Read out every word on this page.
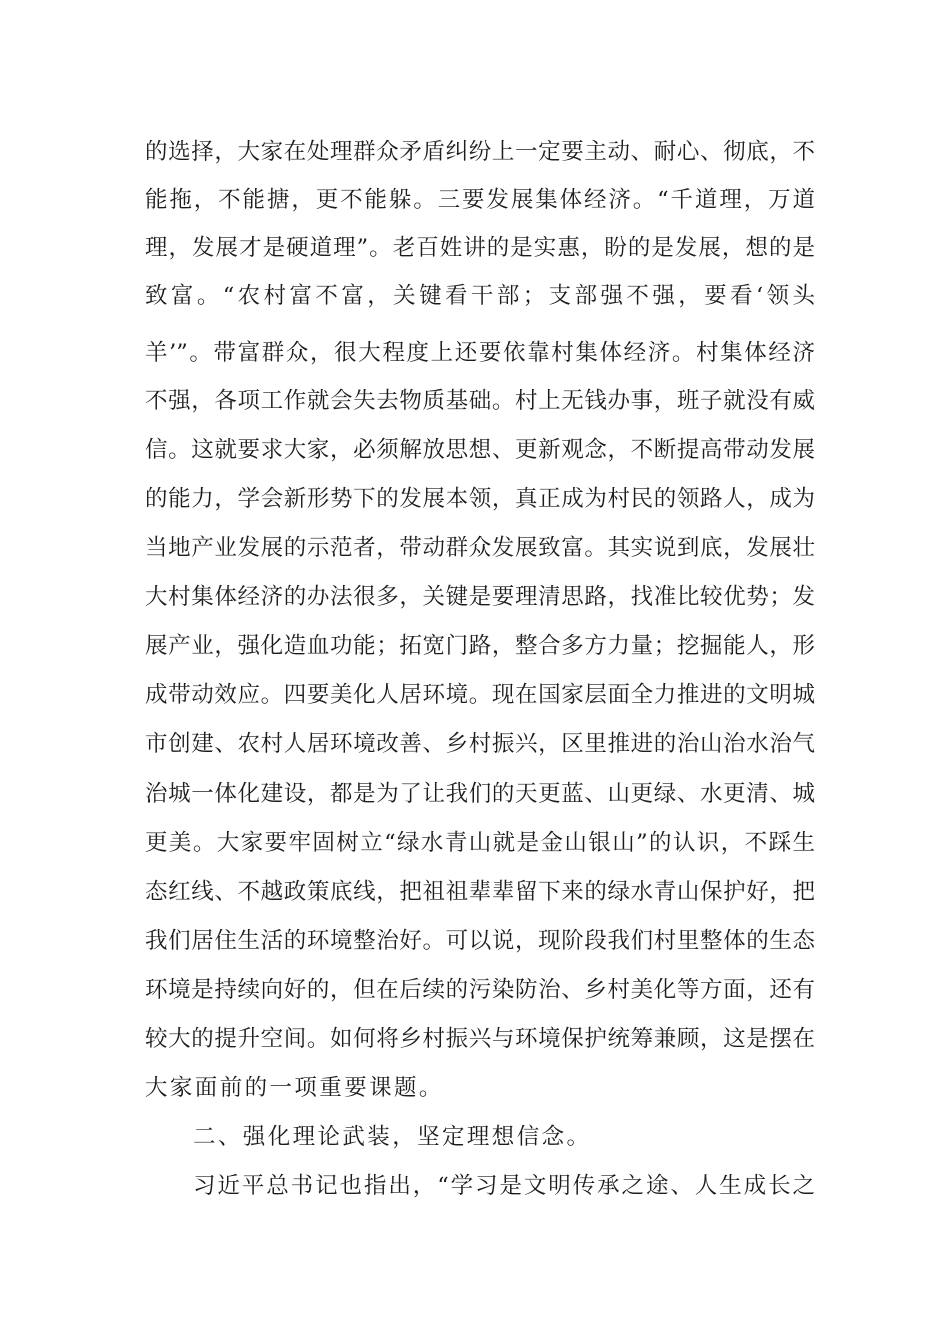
的选择，大家在处理群众矛盾纠纷上一定要主动、耐心、彻底，不
能拖，不能搪，更不能躲。三要发展集体经济。“千道理，万道
理，发展才是硬道理”。老百姓讲的是实惠，盼的是发展，想的是
致富。“农村富不富，关键看干部；支部强不强，要看‘领头
羊’”。带富群众，很大程度上还要依靠村集体经济。村集体经济
不强，各项工作就会失去物质基础。村上无钱办事，班子就没有威
信。这就要求大家，必须解放思想、更新观念，不断提高带动发展
的能力，学会新形势下的发展本领，真正成为村民的领路人，成为
当地产业发展的示范者，带动群众发展致富。其实说到底，发展壮
大村集体经济的办法很多，关键是要理清思路，找准比较优势；发
展产业，强化造血功能；拓宽门路，整合多方力量；挖掘能人，形
成带动效应。四要美化人居环境。现在国家层面全力推进的文明城
市创建、农村人居环境改善、乡村振兴，区里推进的治山治水治气
治城一体化建设，都是为了让我们的天更蓝、山更绿、水更清、城
更美。大家要牢固树立“绿水青山就是金山银山”的认识，不踩生
态红线、不越政策底线，把祖祖辈辈留下来的绿水青山保护好，把
我们居住生活的环境整治好。可以说，现阶段我们村里整体的生态
环境是持续向好的，但在后续的污染防治、乡村美化等方面，还有
较大的提升空间。如何将乡村振兴与环境保护统筹兼顾，这是摆在
大家面前的一项重要课题。
二、强化理论武装，坚定理想信念。
习近平总书记也指出，“学习是文明传承之途、人生成长之
